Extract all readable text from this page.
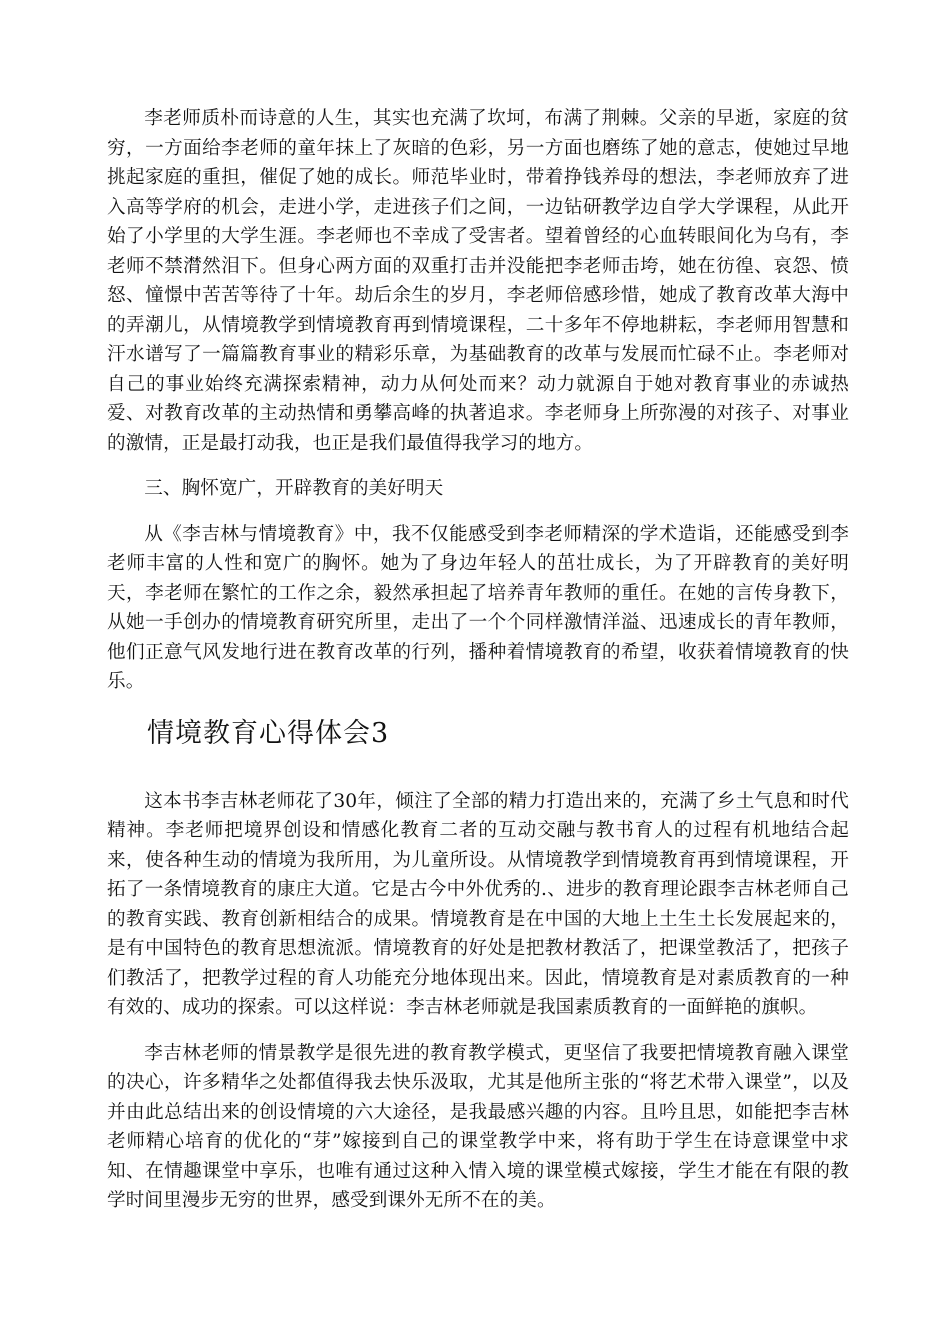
李老师质朴而诗意的人生，其实也充满了坎坷，布满了荆棘。父亲的早逝，家庭的贫穷，一方面给李老师的童年抹上了灰暗的色彩，另一方面也磨练了她的意志，使她过早地挑起家庭的重担，催促了她的成长。师范毕业时，带着挣钱养母的想法，李老师放弃了进入高等学府的机会，走进小学，走进孩子们之间，一边钻研教学边自学大学课程，从此开始了小学里的大学生涯。李老师也不幸成了受害者。望着曾经的心血转眼间化为乌有，李老师不禁潸然泪下。但身心两方面的双重打击并没能把李老师击垮，她在彷徨、哀怨、愤怒、憧憬中苦苦等待了十年。劫后余生的岁月，李老师倍感珍惜，她成了教育改革大海中的弄潮儿，从情境教学到情境教育再到情境课程，二十多年不停地耕耘，李老师用智慧和汗水谱写了一篇篇教育事业的精彩乐章，为基础教育的改革与发展而忙碌不止。李老师对自己的事业始终充满探索精神，动力从何处而来？动力就源自于她对教育事业的赤诚热爱、对教育改革的主动热情和勇攀高峰的执著追求。李老师身上所弥漫的对孩子、对事业的激情，正是最打动我，也正是我们最值得我学习的地方。

三、胸怀宽广，开辟教育的美好明天

从《李吉林与情境教育》中，我不仅能感受到李老师精深的学术造诣，还能感受到李老师丰富的人性和宽广的胸怀。她为了身边年轻人的茁壮成长，为了开辟教育的美好明天，李老师在繁忙的工作之余，毅然承担起了培养青年教师的重任。在她的言传身教下，从她一手创办的情境教育研究所里，走出了一个个同样激情洋溢、迅速成长的青年教师，他们正意气风发地行进在教育改革的行列，播种着情境教育的希望，收获着情境教育的快乐。

情境教育心得体会3

这本书李吉林老师花了30年，倾注了全部的精力打造出来的，充满了乡土气息和时代精神。李老师把境界创设和情感化教育二者的互动交融与教书育人的过程有机地结合起来，使各种生动的情境为我所用，为儿童所设。从情境教学到情境教育再到情境课程，开拓了一条情境教育的康庄大道。它是古今中外优秀的.、进步的教育理论跟李吉林老师自己的教育实践、教育创新相结合的成果。情境教育是在中国的大地上土生土长发展起来的，是有中国特色的教育思想流派。情境教育的好处是把教材教活了，把课堂教活了，把孩子们教活了，把教学过程的育人功能充分地体现出来。因此，情境教育是对素质教育的一种有效的、成功的探索。可以这样说：李吉林老师就是我国素质教育的一面鲜艳的旗帜。

李吉林老师的情景教学是很先进的教育教学模式，更坚信了我要把情境教育融入课堂的决心，许多精华之处都值得我去快乐汲取，尤其是他所主张的“将艺术带入课堂”，以及并由此总结出来的创设情境的六大途径，是我最感兴趣的内容。且吟且思，如能把李吉林老师精心培育的优化的“芽”嫁接到自己的课堂教学中来，将有助于学生在诗意课堂中求知、在情趣课堂中享乐，也唯有通过这种入情入境的课堂模式嫁接，学生才能在有限的教学时间里漫步无穷的世界，感受到课外无所不在的美。
